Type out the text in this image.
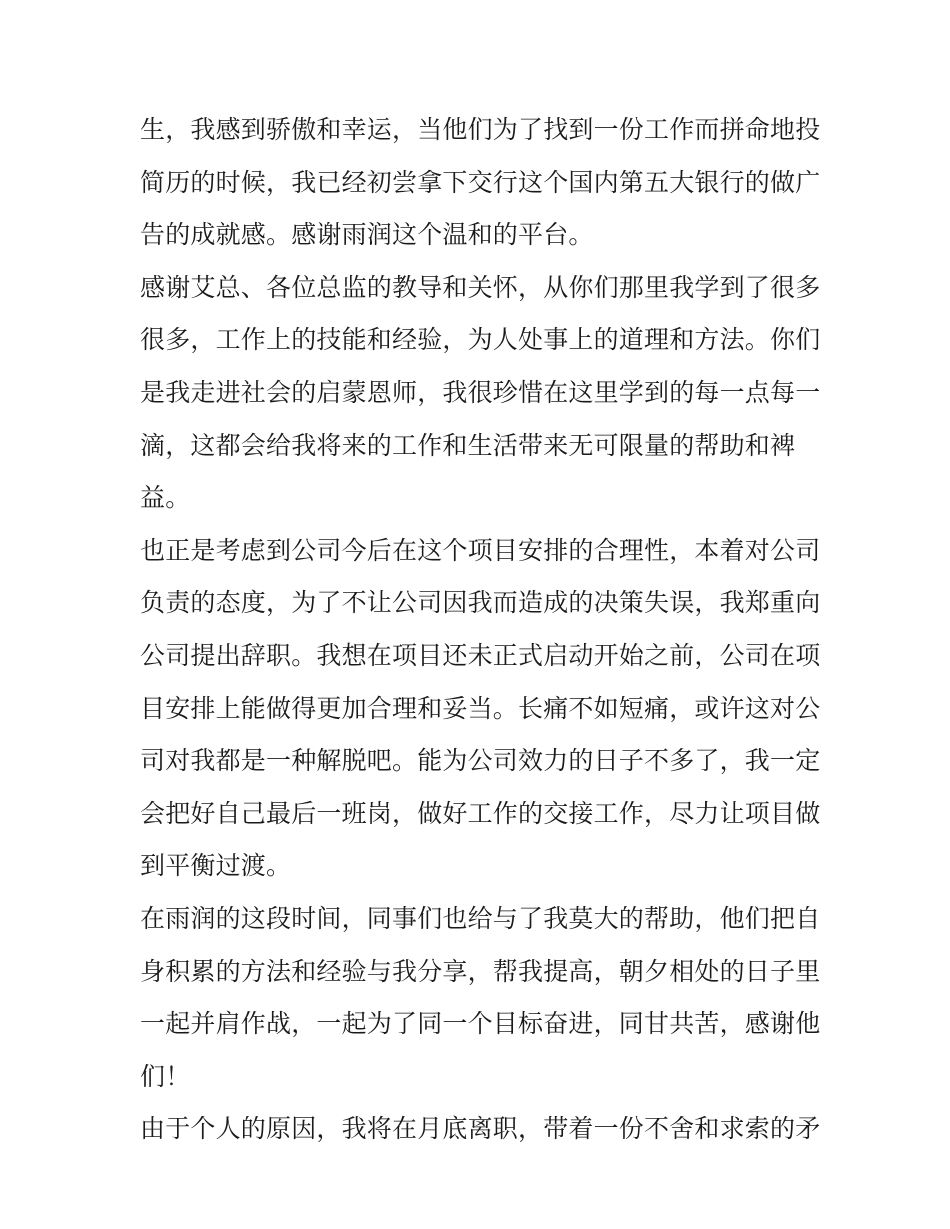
生，我感到骄傲和幸运，当他们为了找到一份工作而拼命地投
简历的时候，我已经初尝拿下交行这个国内第五大银行的做广
告的成就感。感谢雨润这个温和的平台。
感谢艾总、各位总监的教导和关怀，从你们那里我学到了很多
很多，工作上的技能和经验，为人处事上的道理和方法。你们
是我走进社会的启蒙恩师，我很珍惜在这里学到的每一点每一
滴，这都会给我将来的工作和生活带来无可限量的帮助和裨
益。
也正是考虑到公司今后在这个项目安排的合理性，本着对公司
负责的态度，为了不让公司因我而造成的决策失误，我郑重向
公司提出辞职。我想在项目还未正式启动开始之前，公司在项
目安排上能做得更加合理和妥当。长痛不如短痛，或许这对公
司对我都是一种解脱吧。能为公司效力的日子不多了，我一定
会把好自己最后一班岗，做好工作的交接工作，尽力让项目做
到平衡过渡。
在雨润的这段时间，同事们也给与了我莫大的帮助，他们把自
身积累的方法和经验与我分享，帮我提高，朝夕相处的日子里
一起并肩作战，一起为了同一个目标奋进，同甘共苦，感谢他
们！
由于个人的原因，我将在月底离职，带着一份不舍和求索的矛
